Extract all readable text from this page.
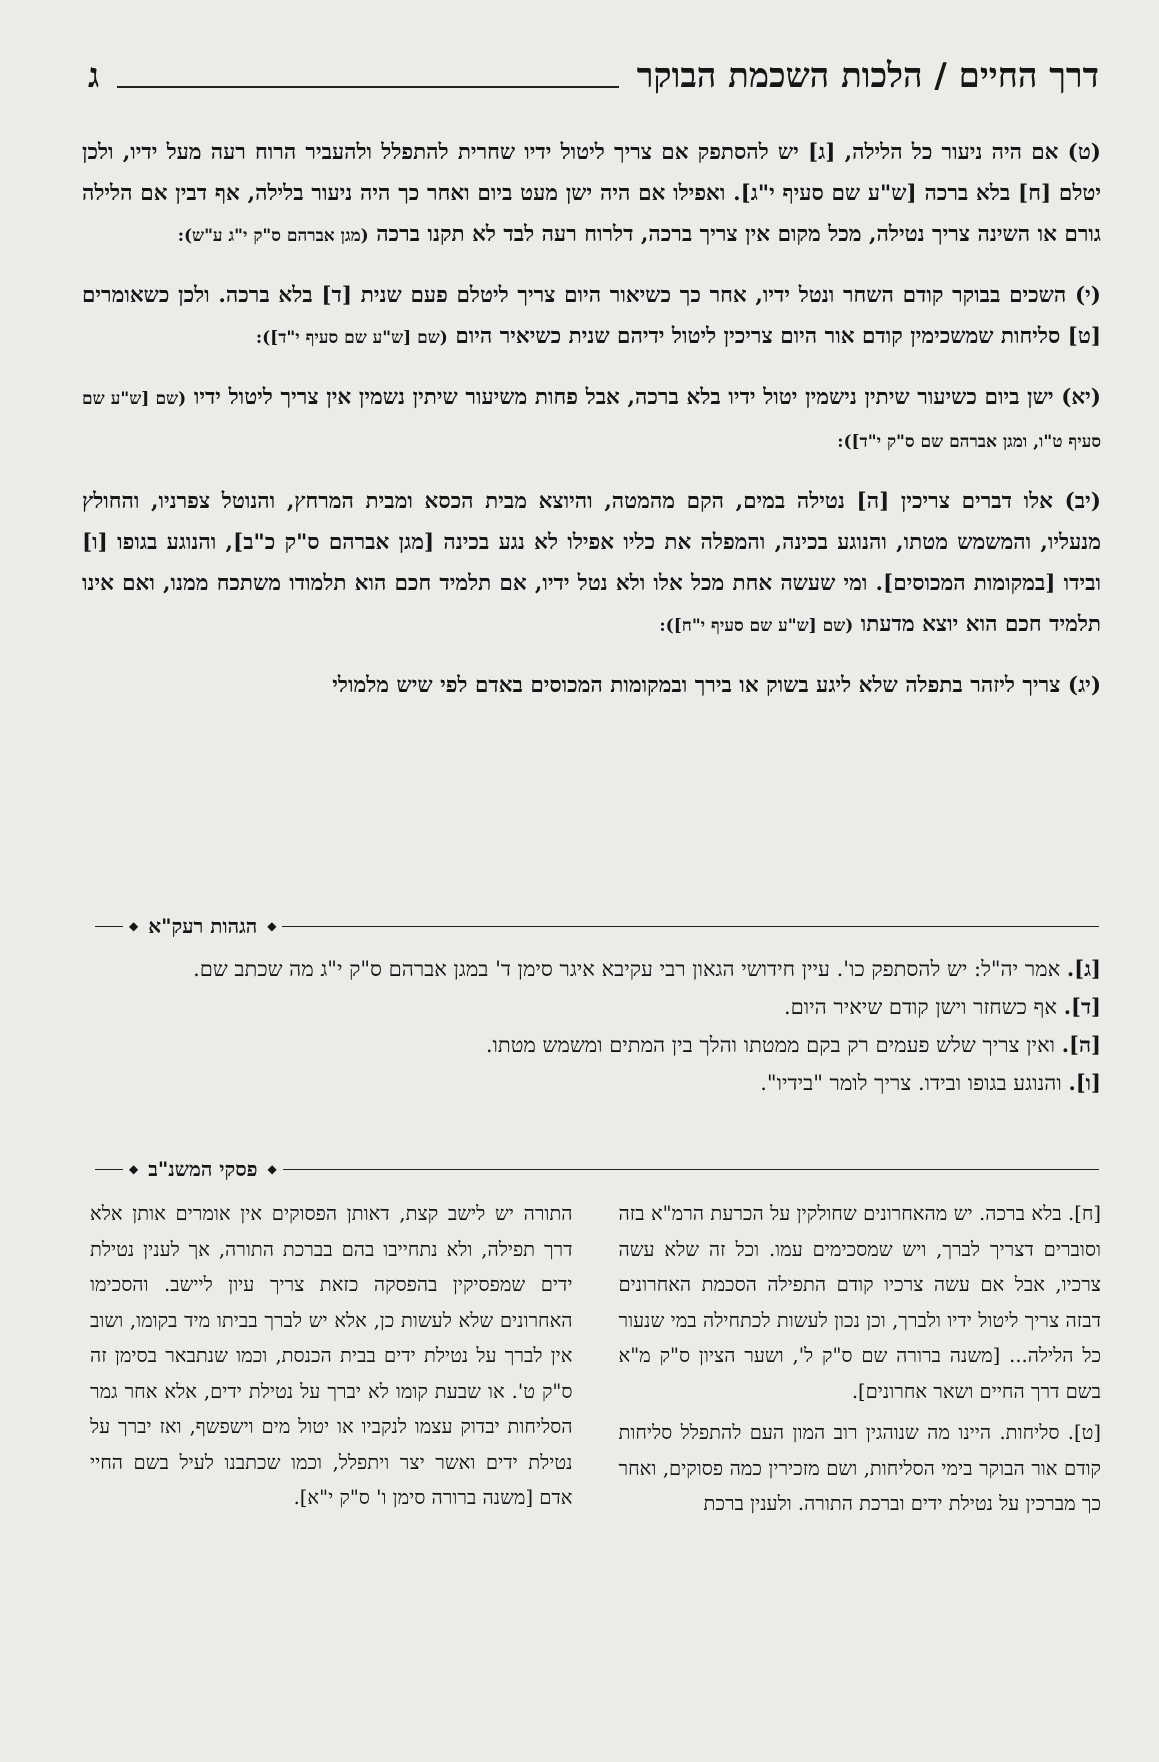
דרך החיים / הלכות השכמת הבוקר
ג

(ט) אם היה ניעור כל הלילה, [ג] יש להסתפק אם צריך ליטול ידיו שחרית להתפלל ולהעביר הרוח רעה מעל ידיו, ולכן יטלם [ח] בלא ברכה [ש"ע שם סעיף י"ג]. ואפילו אם היה ישן מעט ביום ואחר כך היה ניעור בלילה, אף דבין אם הלילה גורם או השינה צריך נטילה, מכל מקום אין צריך ברכה, דלרוח רעה לבד לא תקנו ברכה (מגן אברהם ס"ק י"ג ע"ש):

(י) השכים בבוקר קודם השחר ונטל ידיו, אחר כך כשיאור היום צריך ליטלם פעם שנית [ד] בלא ברכה. ולכן כשאומרים [ט] סליחות שמשכימין קודם אור היום צריכין ליטול ידיהם שנית כשיאיר היום (שם [ש"ע שם סעיף י"ד]):

(יא) ישן ביום כשיעור שיתין נישמין יטול ידיו בלא ברכה, אבל פחות משיעור שיתין נשמין אין צריך ליטול ידיו (שם [ש"ע שם סעיף ט"ו, ומגן אברהם שם ס"ק י"ד]):

(יב) אלו דברים צריכין [ה] נטילה במים, הקם מהמטה, והיוצא מבית הכסא ומבית המרחץ, והנוטל צפרניו, והחולץ מנעליו, והמשמש מטתו, והנוגע בכינה, והמפלה את כליו אפילו לא נגע בכינה [מגן אברהם ס"ק כ"ב], והנוגע בגופו [ו] ובידו [במקומות המכוסים]. ומי שעשה אחת מכל אלו ולא נטל ידיו, אם תלמיד חכם הוא תלמודו משתכח ממנו, ואם אינו תלמיד חכם הוא יוצא מדעתו (שם [ש"ע שם סעיף י"ח]):

(יג) צריך ליזהר בתפלה שלא ליגע בשוק או בירך ובמקומות המכוסים באדם לפי שיש מלמולי

◆
הגהות רעק"א
◆

[ג]. אמר יה"ל: יש להסתפק כו'. עיין חידושי הגאון רבי עקיבא איגר סימן ד' במגן אברהם ס"ק י"ג מה שכתב שם.

[ד]. אף כשחזר וישן קודם שיאיר היום.

[ה]. ואין צריך שלש פעמים רק בקם ממטתו והלך בין המתים ומשמש מטתו.

[ו]. והנוגע בגופו ובידו. צריך לומר "בידיו".

◆
פסקי המשנ"ב
◆

[ח]. בלא ברכה. יש מהאחרונים שחולקין על הכרעת הרמ"א בזה וסוברים דצריך לברך, ויש שמסכימים עמו. וכל זה שלא עשה צרכיו, אבל אם עשה צרכיו קודם התפילה הסכמת האחרונים דבזה צריך ליטול ידיו ולברך, וכן נכון לעשות לכתחילה במי שנעור כל הלילה... [משנה ברורה שם ס"ק ל', ושער הציון ס"ק מ"א בשם דרך החיים ושאר אחרונים].

[ט]. סליחות. היינו מה שנוהגין רוב המון העם להתפלל סליחות קודם אור הבוקר בימי הסליחות, ושם מזכירין כמה פסוקים, ואחר כך מברכין על נטילת ידים וברכת התורה. ולענין ברכת

התורה יש לישב קצת, דאותן הפסוקים אין אומרים אותן אלא דרך תפילה, ולא נתחייבו בהם בברכת התורה, אך לענין נטילת ידים שמפסיקין בהפסקה כזאת צריך עיון ליישב. והסכימו האחרונים שלא לעשות כן, אלא יש לברך בביתו מיד בקומו, ושוב אין לברך על נטילת ידים בבית הכנסת, וכמו שנתבאר בסימן זה ס"ק ט'. או שבעת קומו לא יברך על נטילת ידים, אלא אחר גמר הסליחות יבדוק עצמו לנקביו או יטול מים וישפשף, ואז יברך על נטילת ידים ואשר יצר ויתפלל, וכמו שכתבנו לעיל בשם החיי אדם [משנה ברורה סימן ו' ס"ק י"א].
